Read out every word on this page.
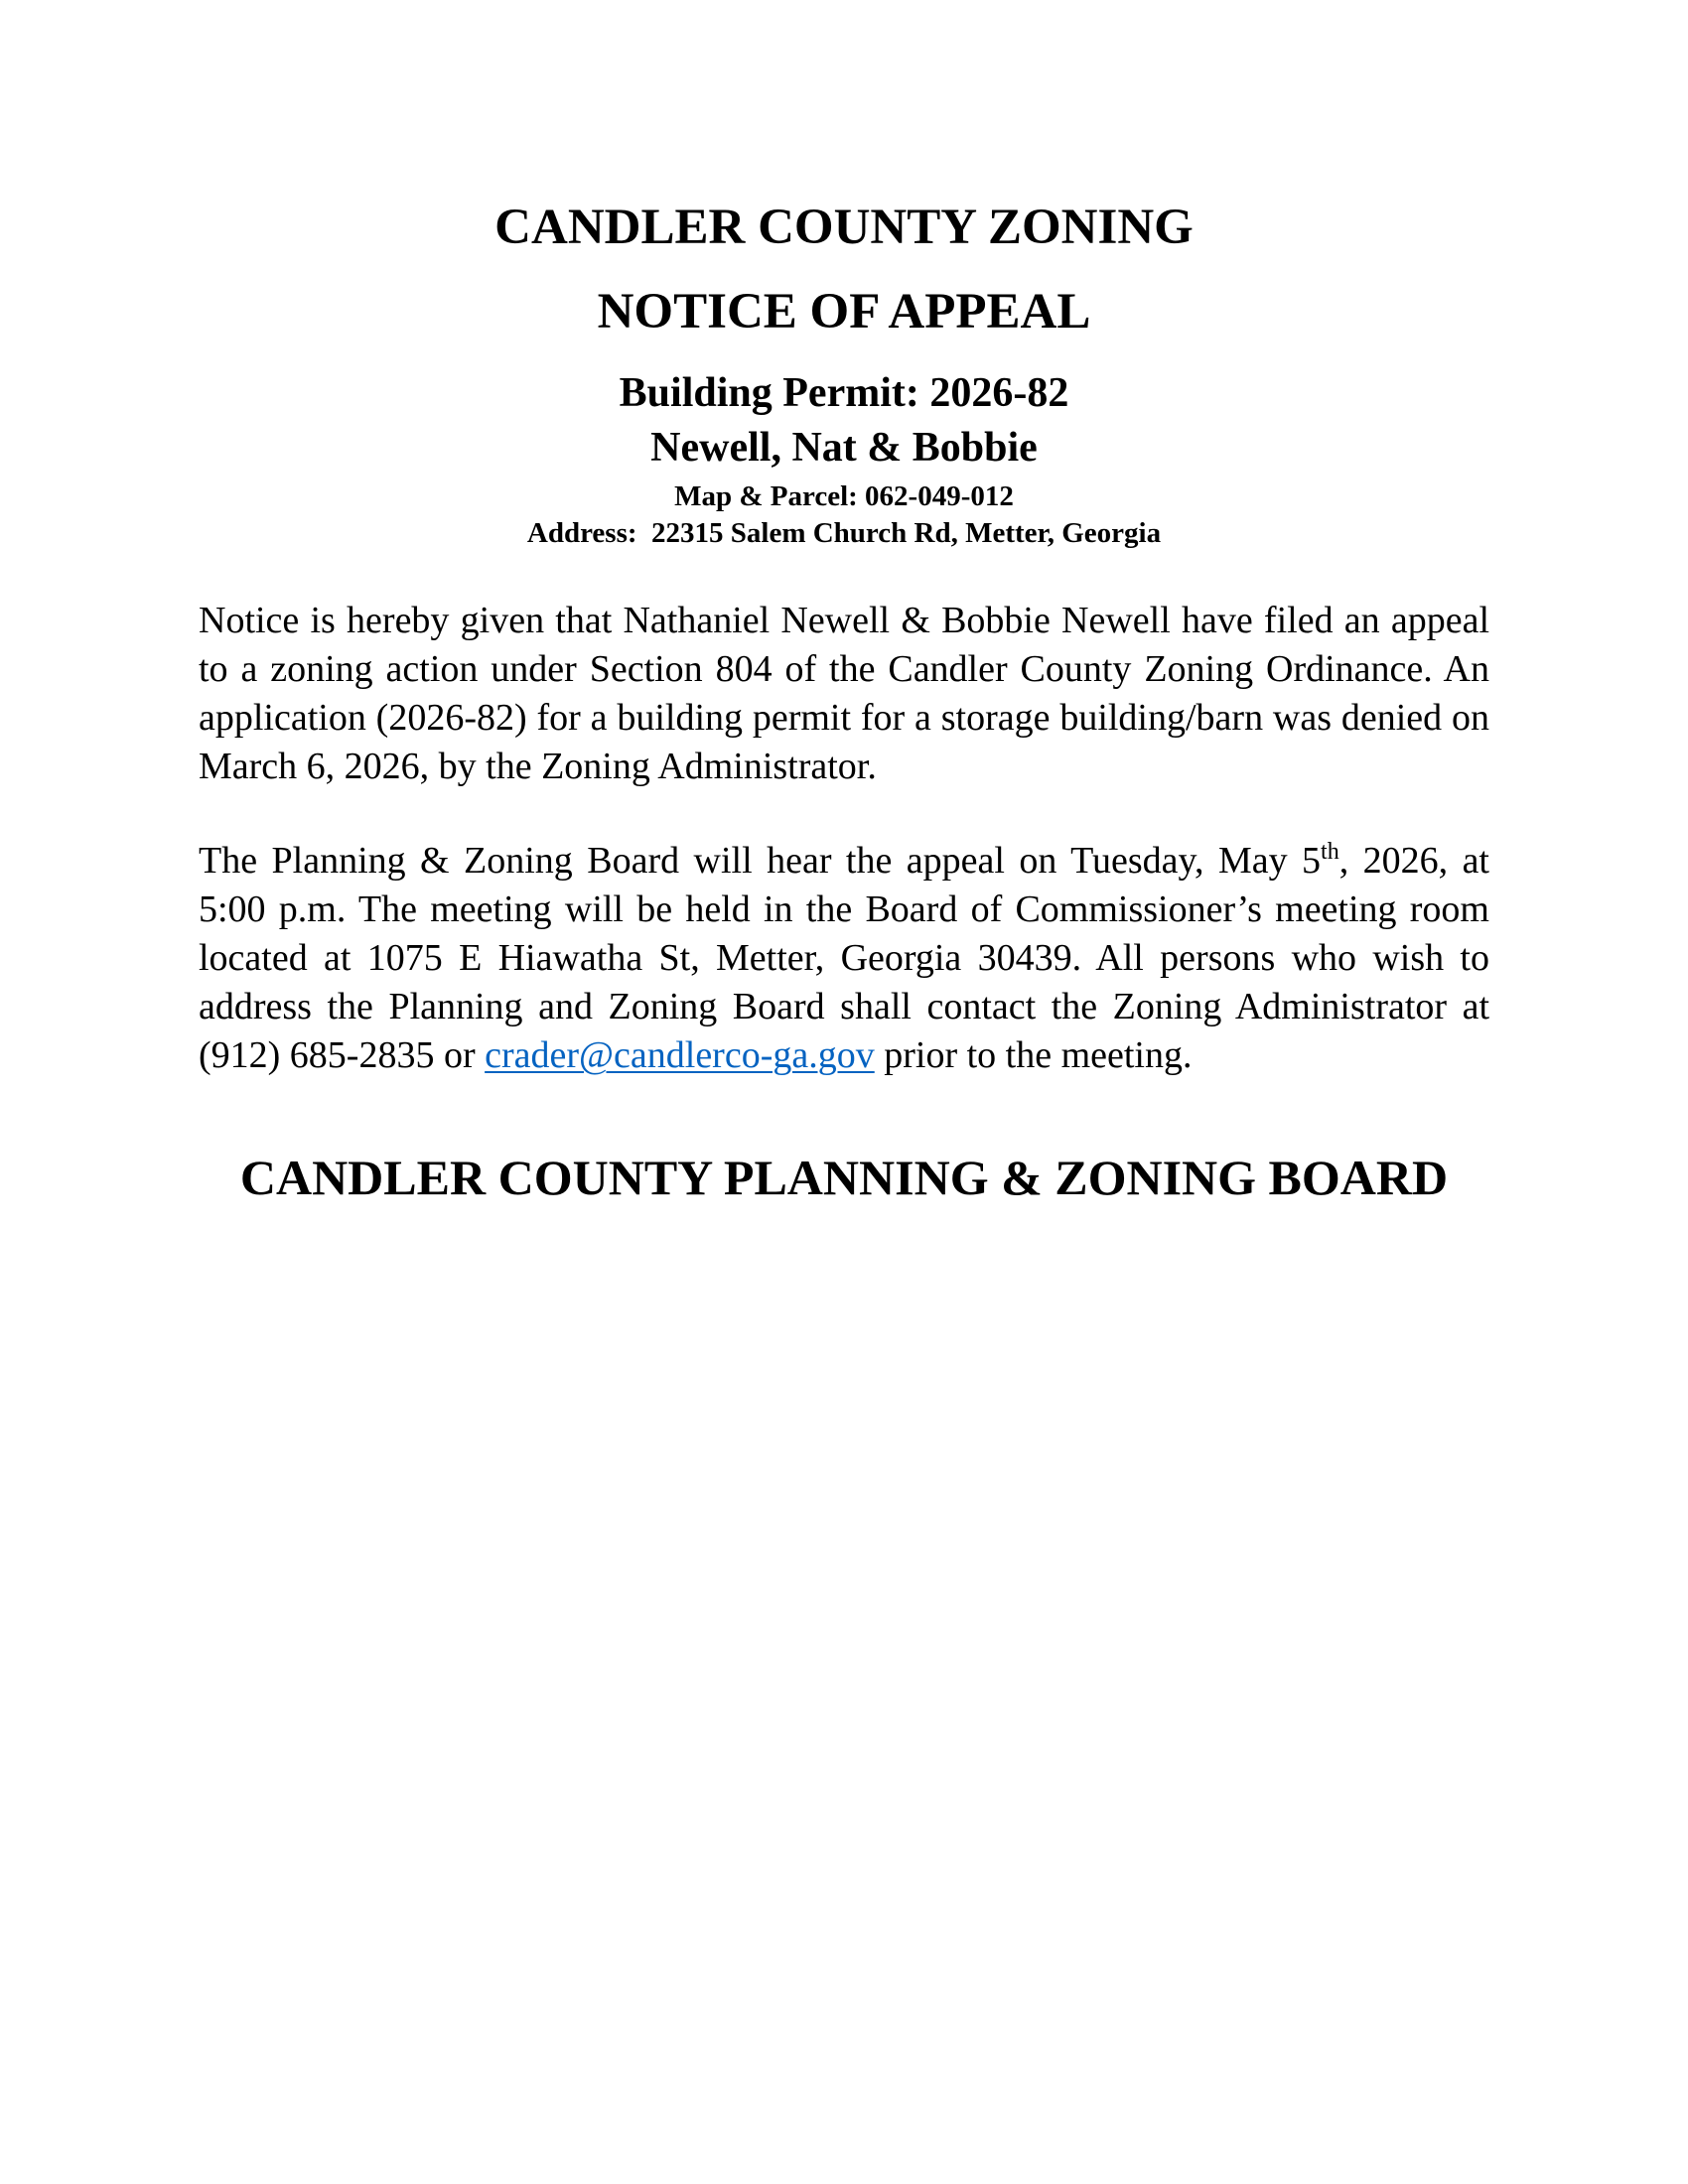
CANDLER COUNTY ZONING
NOTICE OF APPEAL
Building Permit: 2026-82
Newell, Nat & Bobbie
Map & Parcel: 062-049-012
Address:  22315 Salem Church Rd, Metter, Georgia

Notice is hereby given that Nathaniel Newell & Bobbie Newell have filed an appeal to a zoning action under Section 804 of the Candler County Zoning Ordinance. An application (2026-82) for a building permit for a storage building/barn was denied on March 6, 2026, by the Zoning Administrator.

The Planning & Zoning Board will hear the appeal on Tuesday, May 5th, 2026, at 5:00 p.m. The meeting will be held in the Board of Commissioner’s meeting room located at 1075 E Hiawatha St, Metter, Georgia 30439. All persons who wish to address the Planning and Zoning Board shall contact the Zoning Administrator at (912) 685-2835 or crader@candlerco-ga.gov prior to the meeting.

CANDLER COUNTY PLANNING & ZONING BOARD
